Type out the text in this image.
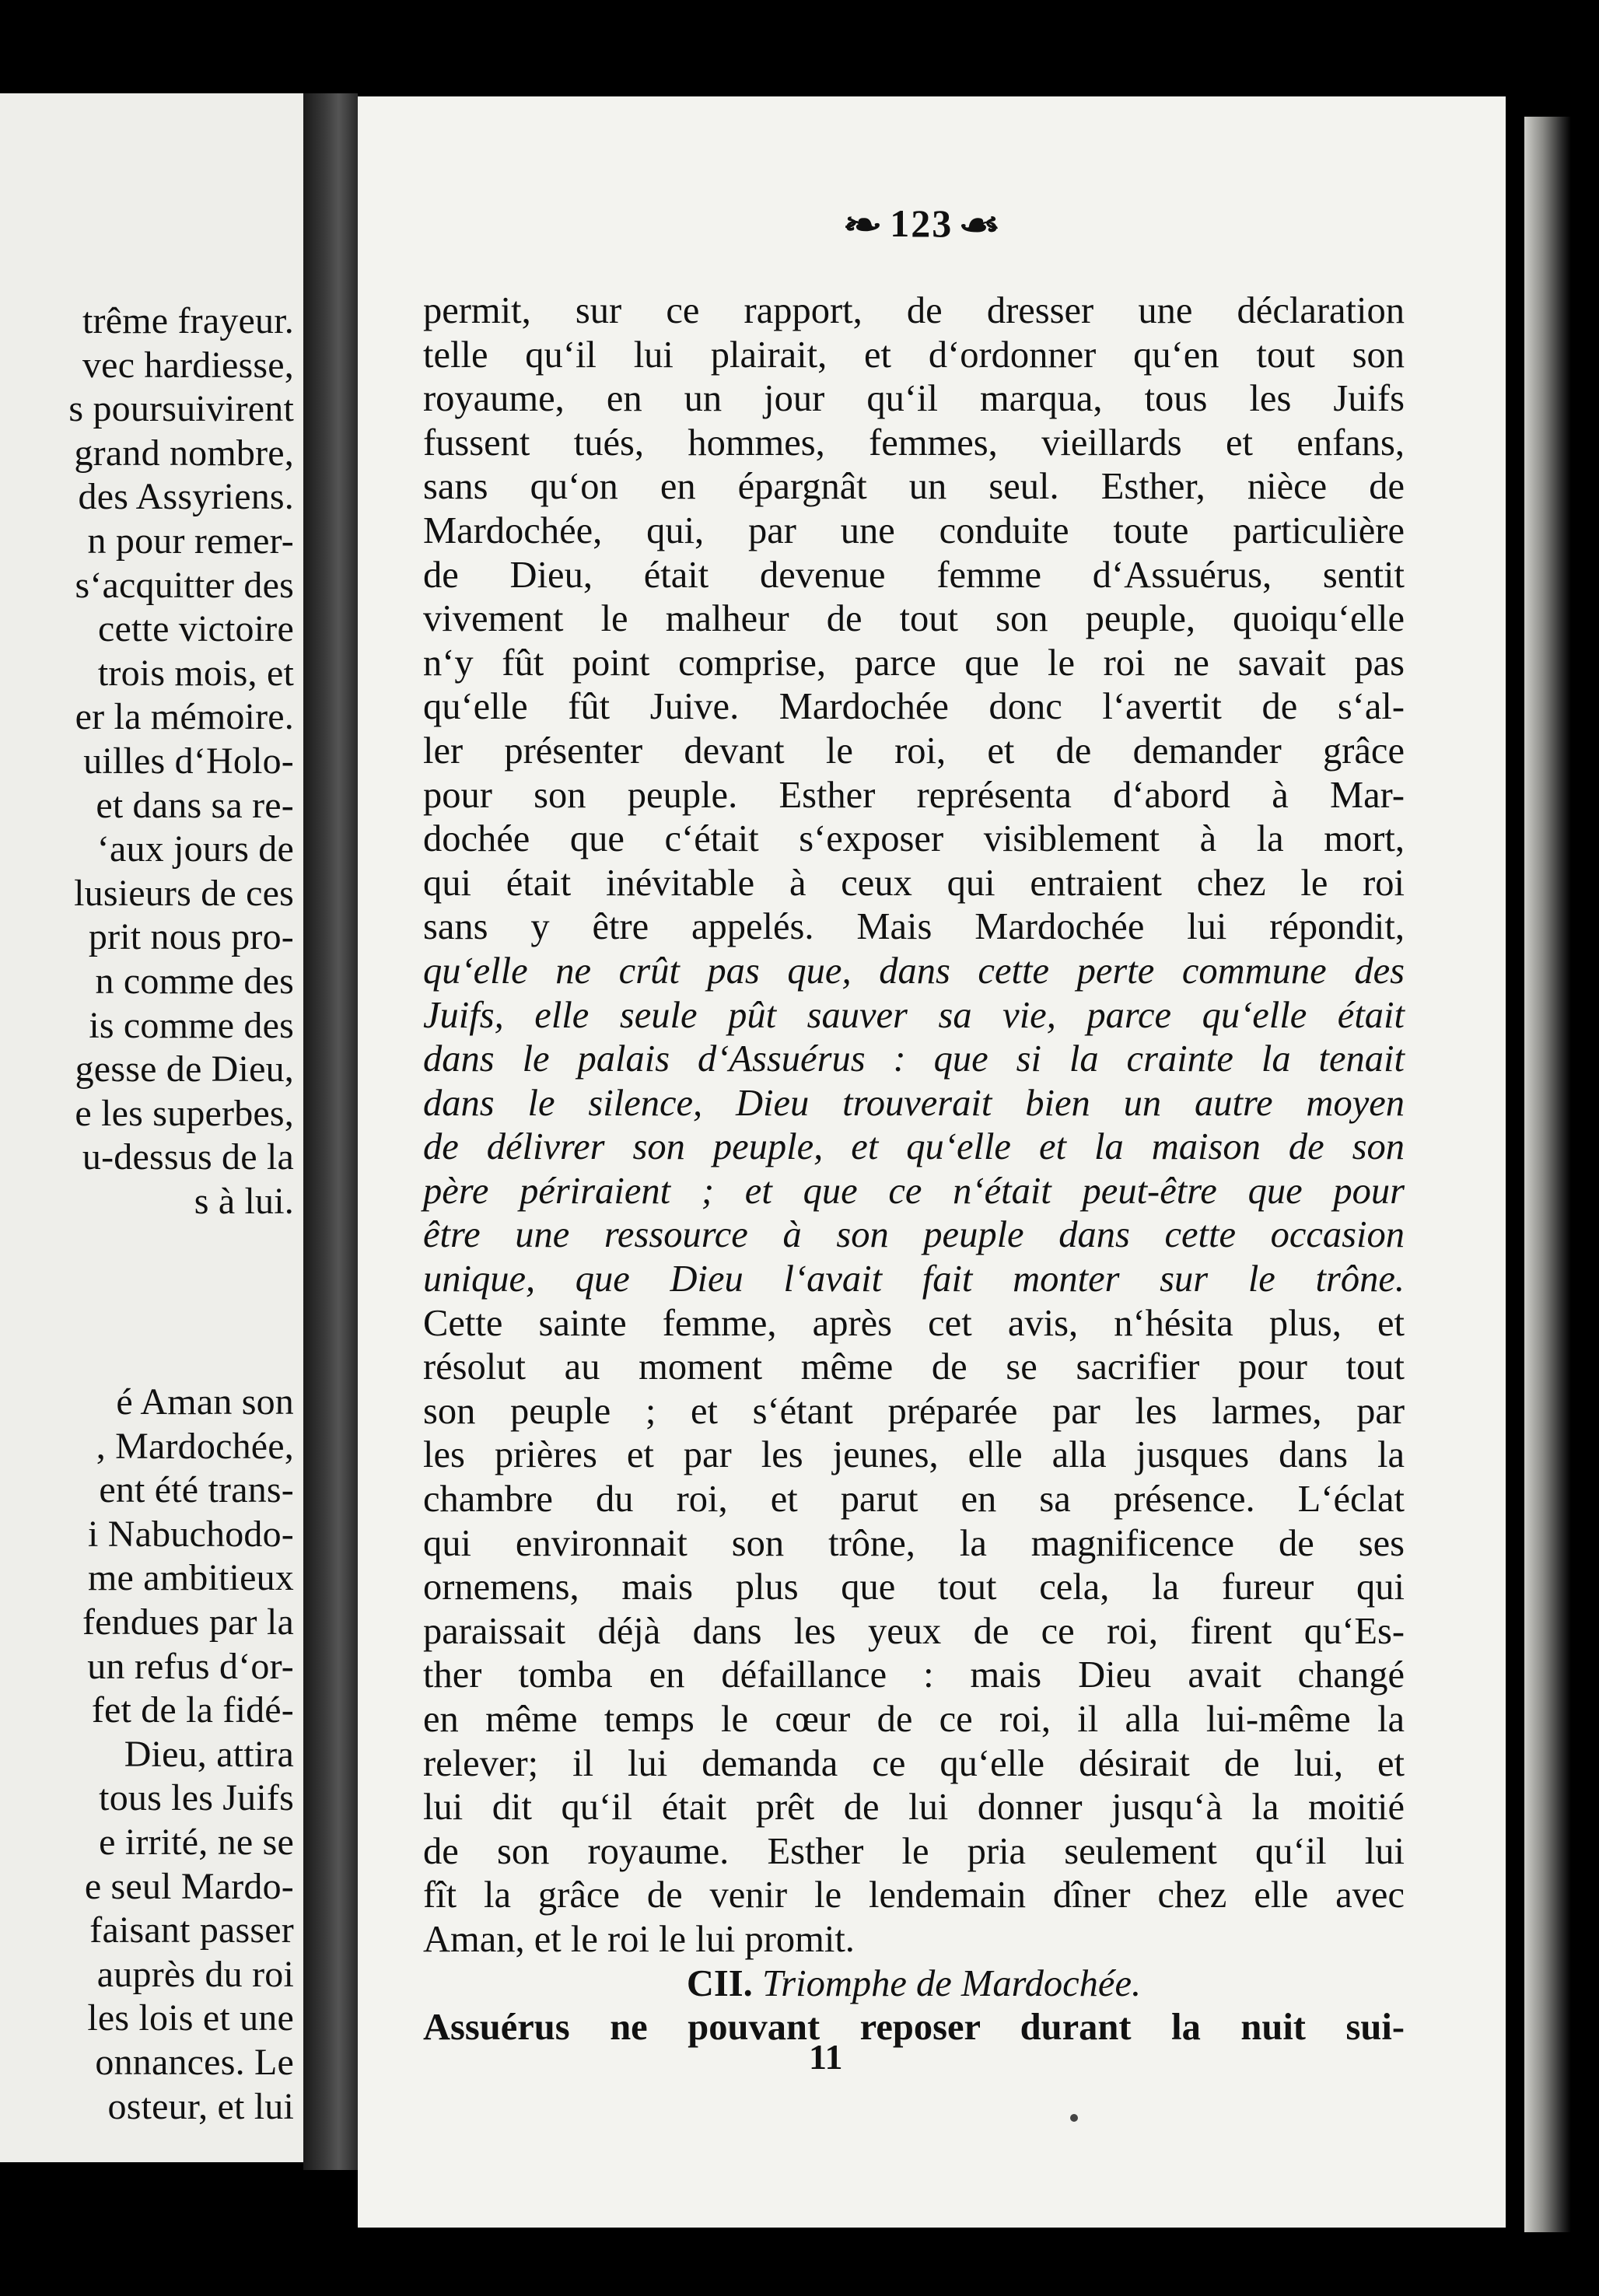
trême frayeur.
vec hardiesse,
s poursuivirent
grand nombre,
des Assyriens.
n pour remer-
s‘acquitter des
cette victoire
trois mois, et
er la mémoire.
uilles d‘Holo-
et dans sa re-
‘aux jours de
lusieurs de ces
prit nous pro-
n comme des
is comme des
gesse de Dieu,
e les superbes,
u-dessus de la
s à lui.
é Aman son
, Mardochée,
ent été trans-
i Nabuchodo-
me ambitieux
fendues par la
un refus d‘or-
fet de la fidé-
Dieu, attira
tous les Juifs
e irrité, ne se
e seul Mardo-
faisant passer
auprès du roi
les lois et une
onnances. Le
osteur, et lui
❧ 123 ☙
permit, sur ce rapport, de dresser une déclaration
telle qu‘il lui plairait, et d‘ordonner qu‘en tout son
royaume, en un jour qu‘il marqua, tous les Juifs
fussent tués, hommes, femmes, vieillards et enfans,
sans qu‘on en épargnât un seul. Esther, nièce de
Mardochée, qui, par une conduite toute particulière
de Dieu, était devenue femme d‘Assuérus, sentit
vivement le malheur de tout son peuple, quoiqu‘elle
n‘y fût point comprise, parce que le roi ne savait pas
qu‘elle fût Juive. Mardochée donc l‘avertit de s‘al-
ler présenter devant le roi, et de demander grâce
pour son peuple. Esther représenta d‘abord à Mar-
dochée que c‘était s‘exposer visiblement à la mort,
qui était inévitable à ceux qui entraient chez le roi
sans y être appelés. Mais Mardochée lui répondit,
qu‘elle ne crût pas que, dans cette perte commune des
Juifs, elle seule pût sauver sa vie, parce qu‘elle était
dans le palais d‘Assuérus : que si la crainte la tenait
dans le silence, Dieu trouverait bien un autre moyen
de délivrer son peuple, et qu‘elle et la maison de son
père périraient ; et que ce n‘était peut-être que pour
être une ressource à son peuple dans cette occasion
unique, que Dieu l‘avait fait monter sur le trône.
Cette sainte femme, après cet avis, n‘hésita plus, et
résolut au moment même de se sacrifier pour tout
son peuple ; et s‘étant préparée par les larmes, par
les prières et par les jeunes, elle alla jusques dans la
chambre du roi, et parut en sa présence. L‘éclat
qui environnait son trône, la magnificence de ses
ornemens, mais plus que tout cela, la fureur qui
paraissait déjà dans les yeux de ce roi, firent qu‘Es-
ther tomba en défaillance : mais Dieu avait changé
en même temps le cœur de ce roi, il alla lui-même la
relever; il lui demanda ce qu‘elle désirait de lui, et
lui dit qu‘il était prêt de lui donner jusqu‘à la moitié
de son royaume. Esther le pria seulement qu‘il lui
fît la grâce de venir le lendemain dîner chez elle avec
Aman, et le roi le lui promit.
CII. Triomphe de Mardochée.
Assuérus ne pouvant reposer durant la nuit sui-
11
